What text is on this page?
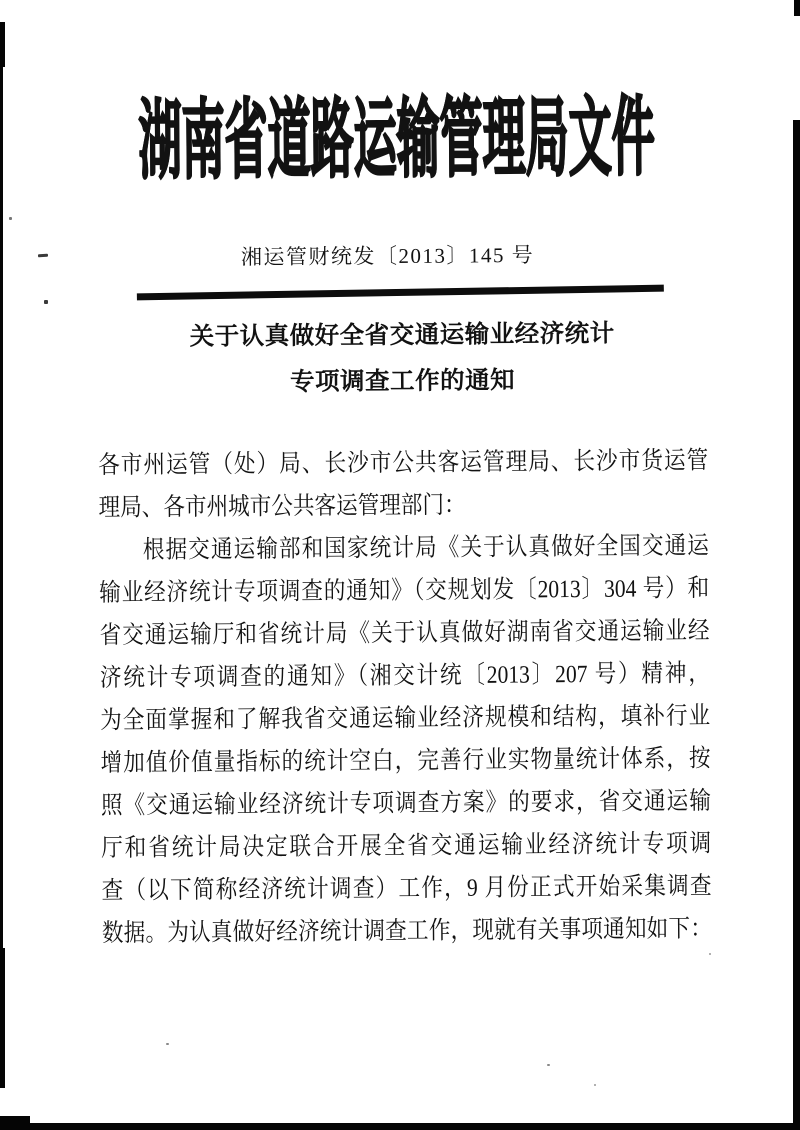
湖南省道路运输管理局文件
湘运管财统发〔2013〕145 号
关于认真做好全省交通运输业经济统计
专项调查工作的通知
各市州运管（处）局、长沙市公共客运管理局、长沙市货运管
理局、各市州城市公共客运管理部门：
根据交通运输部和国家统计局《关于认真做好全国交通运
输业经济统计专项调查的通知》（交规划发〔2013〕304 号）和
省交通运输厅和省统计局《关于认真做好湖南省交通运输业经
济统计专项调查的通知》（湘交计统〔2013〕207 号）精神，
为全面掌握和了解我省交通运输业经济规模和结构，填补行业
增加值价值量指标的统计空白，完善行业实物量统计体系，按
照《交通运输业经济统计专项调查方案》的要求，省交通运输
厅和省统计局决定联合开展全省交通运输业经济统计专项调
查（以下简称经济统计调查）工作，9 月份正式开始采集调查
数据。为认真做好经济统计调查工作，现就有关事项通知如下：
